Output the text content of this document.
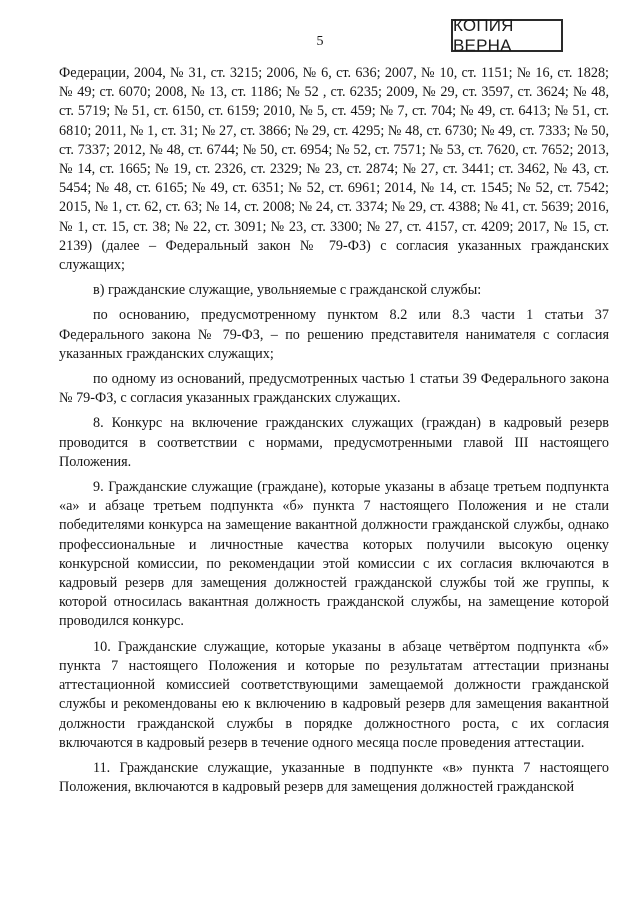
КОПИЯ ВЕРНА
5

Федерации, 2004, № 31, ст. 3215; 2006, № 6, ст. 636; 2007, № 10, ст. 1151; № 16, ст. 1828; № 49; ст. 6070; 2008, № 13, ст. 1186; № 52 , ст. 6235; 2009, № 29, ст. 3597, ст. 3624; № 48, ст. 5719; № 51, ст. 6150, ст. 6159; 2010, № 5, ст. 459; № 7, ст. 704; № 49, ст. 6413; № 51, ст. 6810; 2011, № 1, ст. 31; № 27, ст. 3866; № 29, ст. 4295; № 48, ст. 6730; № 49, ст. 7333; № 50, ст. 7337; 2012, № 48, ст. 6744; № 50, ст. 6954; № 52, ст. 7571; № 53, ст. 7620, ст. 7652; 2013, № 14, ст. 1665; № 19, ст. 2326, ст. 2329; № 23, ст. 2874; № 27, ст. 3441; ст. 3462, № 43, ст. 5454; № 48, ст. 6165; № 49, ст. 6351; № 52, ст. 6961; 2014, № 14, ст. 1545; № 52, ст. 7542; 2015, № 1, ст. 62, ст. 63; № 14, ст. 2008; № 24, ст. 3374; № 29, ст. 4388; № 41, ст. 5639; 2016, № 1, ст. 15, ст. 38; № 22, ст. 3091; № 23, ст. 3300; № 27, ст. 4157, ст. 4209; 2017, № 15, ст. 2139) (далее – Федеральный закон № 79-ФЗ) с согласия указанных гражданских служащих;

в) гражданские служащие, увольняемые с гражданской службы:

по основанию, предусмотренному пунктом 8.2 или 8.3 части 1 статьи 37 Федерального закона № 79-ФЗ, – по решению представителя нанимателя с согласия указанных гражданских служащих;

по одному из оснований, предусмотренных частью 1 статьи 39 Федерального закона № 79-ФЗ, с согласия указанных гражданских служащих.

8. Конкурс на включение гражданских служащих (граждан) в кадровый резерв проводится в соответствии с нормами, предусмотренными главой III настоящего Положения.

9. Гражданские служащие (граждане), которые указаны в абзаце третьем подпункта «а» и абзаце третьем подпункта «б» пункта 7 настоящего Положения и не стали победителями конкурса на замещение вакантной должности гражданской службы, однако профессиональные и личностные качества которых получили высокую оценку конкурсной комиссии, по рекомендации этой комиссии с их согласия включаются в кадровый резерв для замещения должностей гражданской службы той же группы, к которой относилась вакантная должность гражданской службы, на замещение которой проводился конкурс.

10. Гражданские служащие, которые указаны в абзаце четвёртом подпункта «б» пункта 7 настоящего Положения и которые по результатам аттестации признаны аттестационной комиссией соответствующими замещаемой должности гражданской службы и рекомендованы ею к включению в кадровый резерв для замещения вакантной должности гражданской службы в порядке должностного роста, с их согласия включаются в кадровый резерв в течение одного месяца после проведения аттестации.

11. Гражданские служащие, указанные в подпункте «в» пункта 7 настоящего Положения, включаются в кадровый резерв для замещения должностей гражданской
